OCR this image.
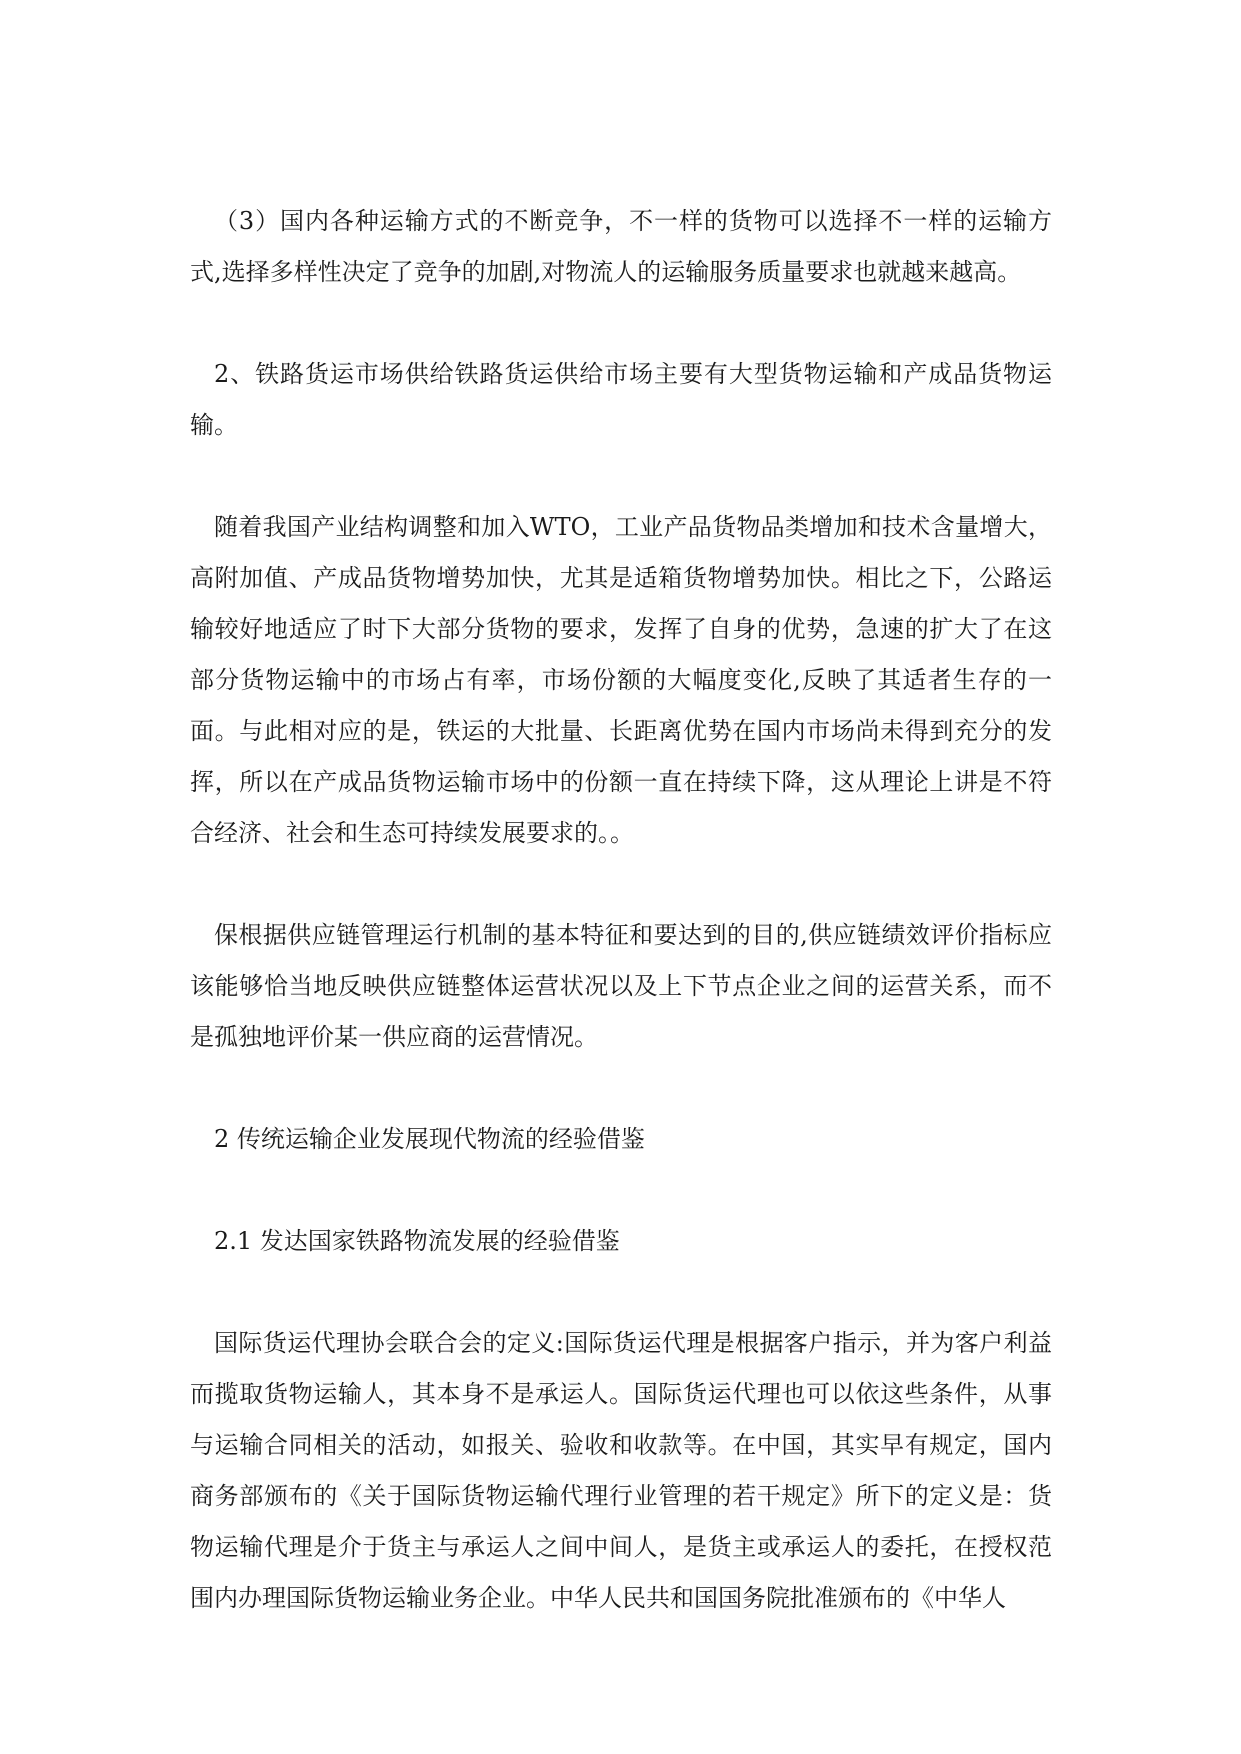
（3）国内各种运输方式的不断竞争，不一样的货物可以选择不一样的运输方式,选择多样性决定了竞争的加剧,对物流人的运输服务质量要求也就越来越高。

2、铁路货运市场供给铁路货运供给市场主要有大型货物运输和产成品货物运输。

随着我国产业结构调整和加入WTO，工业产品货物品类增加和技术含量增大，高附加值、产成品货物增势加快，尤其是适箱货物增势加快。相比之下，公路运输较好地适应了时下大部分货物的要求，发挥了自身的优势，急速的扩大了在这部分货物运输中的市场占有率，市场份额的大幅度变化,反映了其适者生存的一面。与此相对应的是，铁运的大批量、长距离优势在国内市场尚未得到充分的发挥，所以在产成品货物运输市场中的份额一直在持续下降，这从理论上讲是不符合经济、社会和生态可持续发展要求的。。

保根据供应链管理运行机制的基本特征和要达到的目的,供应链绩效评价指标应该能够恰当地反映供应链整体运营状况以及上下节点企业之间的运营关系，而不是孤独地评价某一供应商的运营情况。

2 传统运输企业发展现代物流的经验借鉴

2.1 发达国家铁路物流发展的经验借鉴

国际货运代理协会联合会的定义:国际货运代理是根据客户指示，并为客户利益而揽取货物运输人，其本身不是承运人。国际货运代理也可以依这些条件，从事与运输合同相关的活动，如报关、验收和收款等。在中国，其实早有规定，国内商务部颁布的《关于国际货物运输代理行业管理的若干规定》所下的定义是：货物运输代理是介于货主与承运人之间中间人，是货主或承运人的委托，在授权范围内办理国际货物运输业务企业。中华人民共和国国务院批准颁布的《中华人
